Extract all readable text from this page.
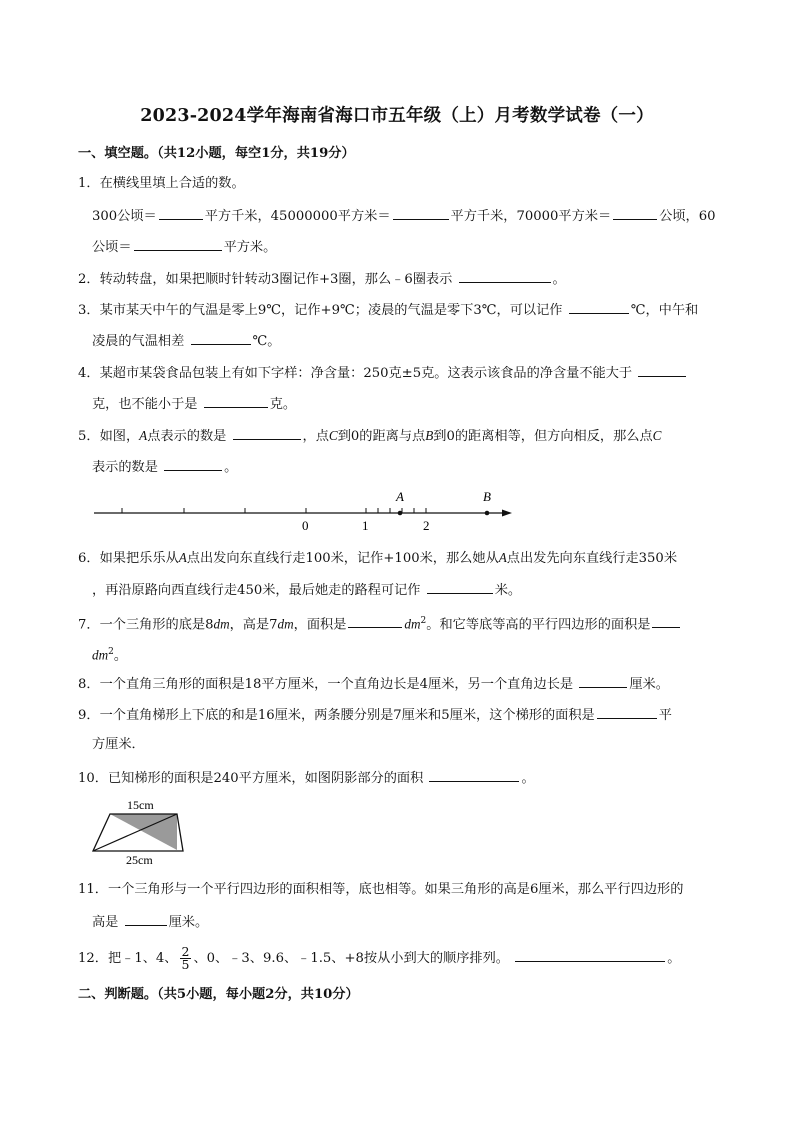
2023-2024学年海南省海口市五年级（上）月考数学试卷（一）
一、填空题。（共12小题，每空1分，共19分）
1．在横线里填上合适的数。
300公顷＝	平方千米，45000000平方米＝	平方千米，70000平方米＝	公顷，60
公顷＝	平方米。
2．转动转盘，如果把顺时针转动3圈记作+3圈，那么﹣6圈表示	。
3．某市某天中午的气温是零上9℃，记作+9℃；凌晨的气温是零下3℃，可以记作	℃，中午和
凌晨的气温相差	℃。
4．某超市某袋食品包装上有如下字样：净含量：250克±5克。这表示该食品的净含量不能大于
克，也不能小于是	克。
5．如图，A点表示的数是	，点C到0的距离与点B到0的距离相等，但方向相反，那么点C
表示的数是	。
A	B
0	1	2
6．如果把乐乐从A点出发向东直线行走100米，记作+100米，那么她从A点出发先向东直线行走350米
，再沿原路向西直线行走450米，最后她走的路程可记作	米。
7．一个三角形的底是8dm，高是7dm，面积是	$dm^2$。和它等底等高的平行四边形的面积是
$dm^2$。
8．一个直角三角形的面积是18平方厘米，一个直角边长是4厘米，另一个直角边长是	厘米。
9．一个直角梯形上下底的和是16厘米，两条腰分别是7厘米和5厘米，这个梯形的面积是	平
方厘米．
10．已知梯形的面积是240平方厘米，如图阴影部分的面积	。
15cm
25cm
11．一个三角形与一个平行四边形的面积相等，底也相等。如果三角形的高是6厘米，那么平行四边形的
高是	厘米。
12．把﹣1、4、 $\frac{2}{5}$ 、0、﹣3、9.6、﹣1.5、+8按从小到大的顺序排列。	。
二、判断题。（共5小题，每小题2分，共10分）
